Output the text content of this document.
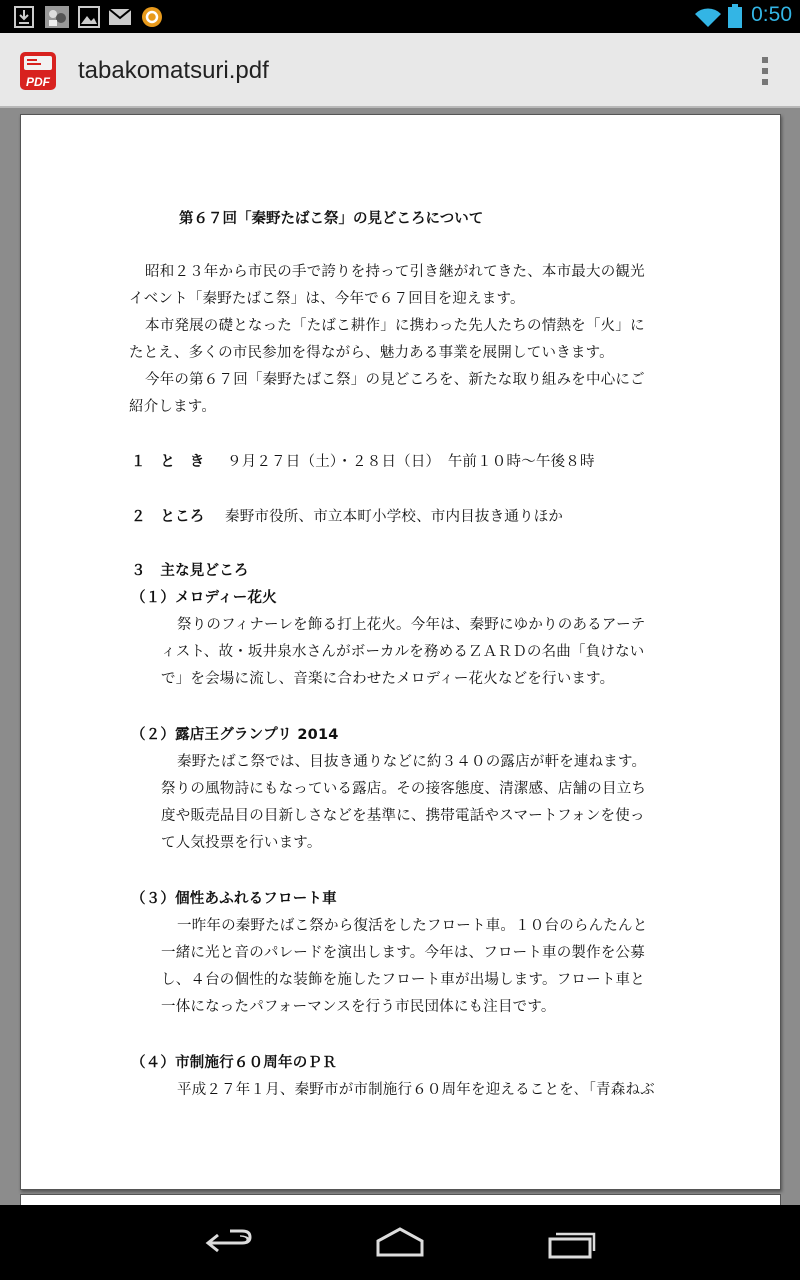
0:50
PDF tabakomatsuri.pdf
第６７回「秦野たばこ祭」の見どころについて
昭和２３年から市民の手で誇りを持って引き継がれてきた、本市最大の観光
イベント「秦野たばこ祭」は、今年で６７回目を迎えます。
本市発展の礎となった「たばこ耕作」に携わった先人たちの情熱を「火」に
たとえ、多くの市民参加を得ながら、魅力ある事業を展開していきます。
今年の第６７回「秦野たばこ祭」の見どころを、新たな取り組みを中心にご
紹介します。
１　と　き ９月２７日（土）・２８日（日）　午前１０時～午後８時
２　ところ 秦野市役所、市立本町小学校、市内目抜き通りほか
３　主な見どころ
（１）メロディー花火
祭りのフィナーレを飾る打上花火。今年は、秦野にゆかりのあるアーテ
ィスト、故・坂井泉水さんがボーカルを務めるＺＡＲＤの名曲「負けない
で」を会場に流し、音楽に合わせたメロディー花火などを行います。
（２）露店王グランプリ 2014
秦野たばこ祭では、目抜き通りなどに約３４０の露店が軒を連ねます。
祭りの風物詩にもなっている露店。その接客態度、清潔感、店舗の目立ち
度や販売品目の目新しさなどを基準に、携帯電話やスマートフォンを使っ
て人気投票を行います。
（３）個性あふれるフロート車
一昨年の秦野たばこ祭から復活をしたフロート車。１０台のらんたんと
一緒に光と音のパレードを演出します。今年は、フロート車の製作を公募
し、４台の個性的な装飾を施したフロート車が出場します。フロート車と
一体になったパフォーマンスを行う市民団体にも注目です。
（４）市制施行６０周年のＰＲ
平成２７年１月、秦野市が市制施行６０周年を迎えることを､「青森ねぶ
